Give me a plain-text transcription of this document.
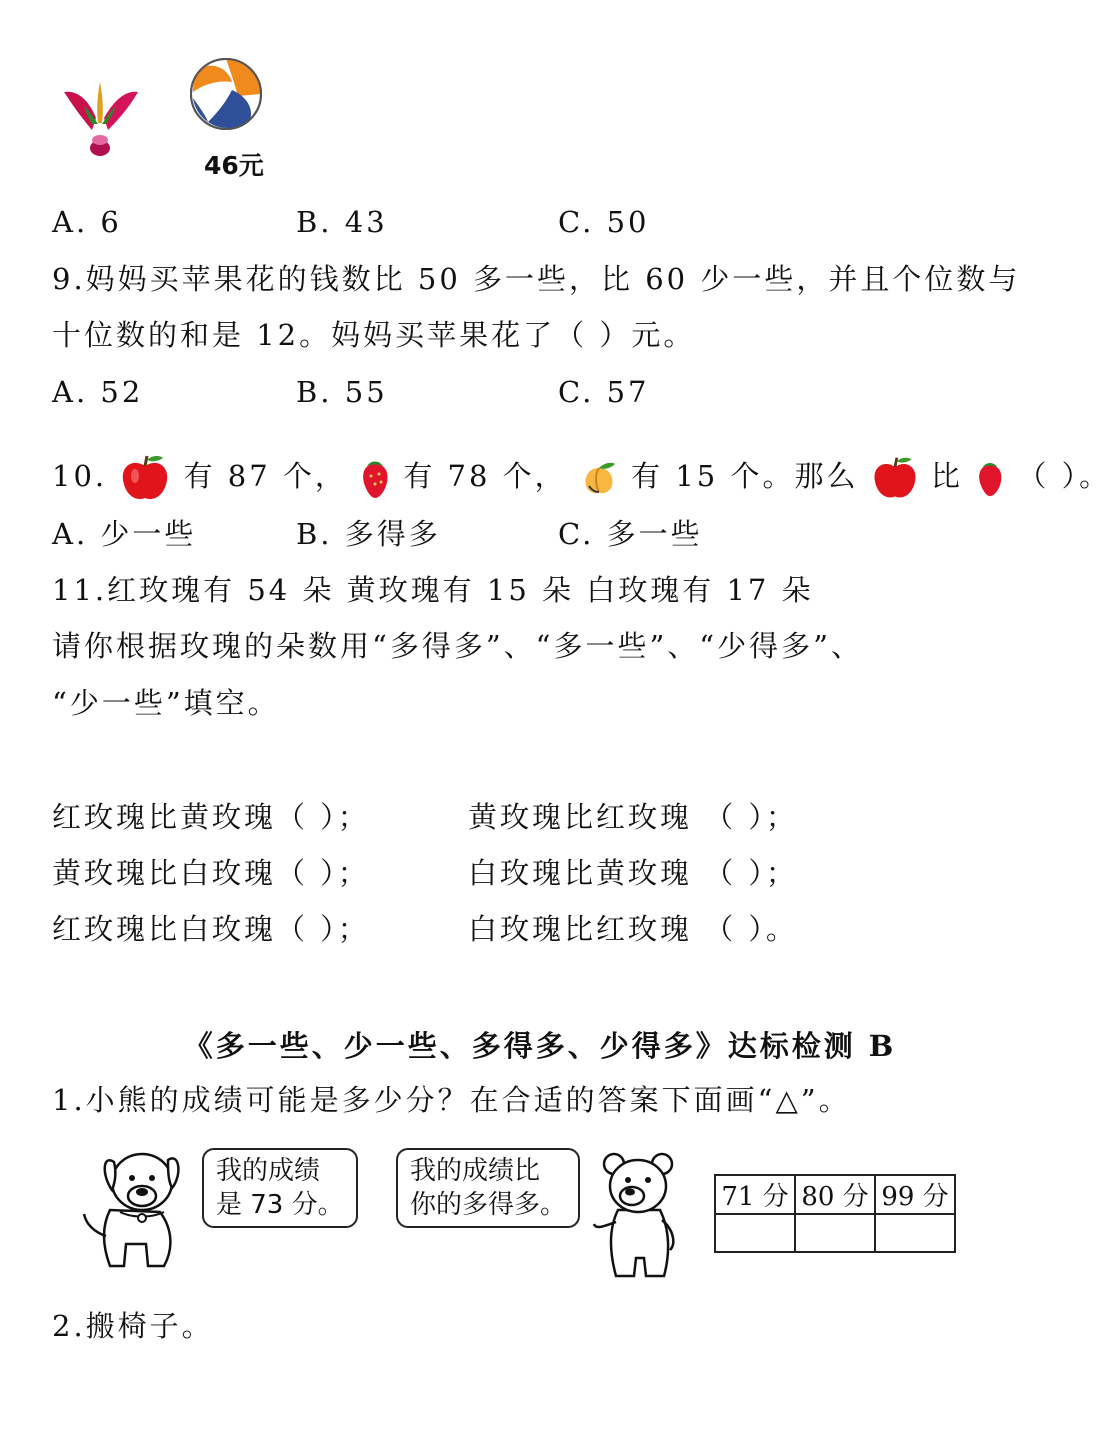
46元
A. 6	B. 43	C. 50
9.妈妈买苹果花的钱数比 50 多一些，比 60 少一些，并且个位数与
十位数的和是 12。妈妈买苹果花了（ ）元。
A. 52	B. 55	C. 57
10.	有 87 个， 有 78 个， 有 15 个。那么 比 （ ）。
A. 少一些	B. 多得多	C. 多一些
11.红玫瑰有 54 朵 黄玫瑰有 15 朵 白玫瑰有 17 朵
请你根据玫瑰的朵数用“多得多”、“多一些”、“少得多”、
“少一些”填空。
红玫瑰比黄玫瑰（ ）；	黄玫瑰比红玫瑰 （ ）；
黄玫瑰比白玫瑰（ ）；	白玫瑰比黄玫瑰 （ ）；
红玫瑰比白玫瑰（ ）；	白玫瑰比红玫瑰 （ ）。
《多一些、少一些、多得多、少得多》达标检测 B
1.小熊的成绩可能是多少分？在合适的答案下面画“△”。
我的成绩
是 73 分。
我的成绩比
你的多得多。	71 分	80 分	99 分

2.搬椅子。
